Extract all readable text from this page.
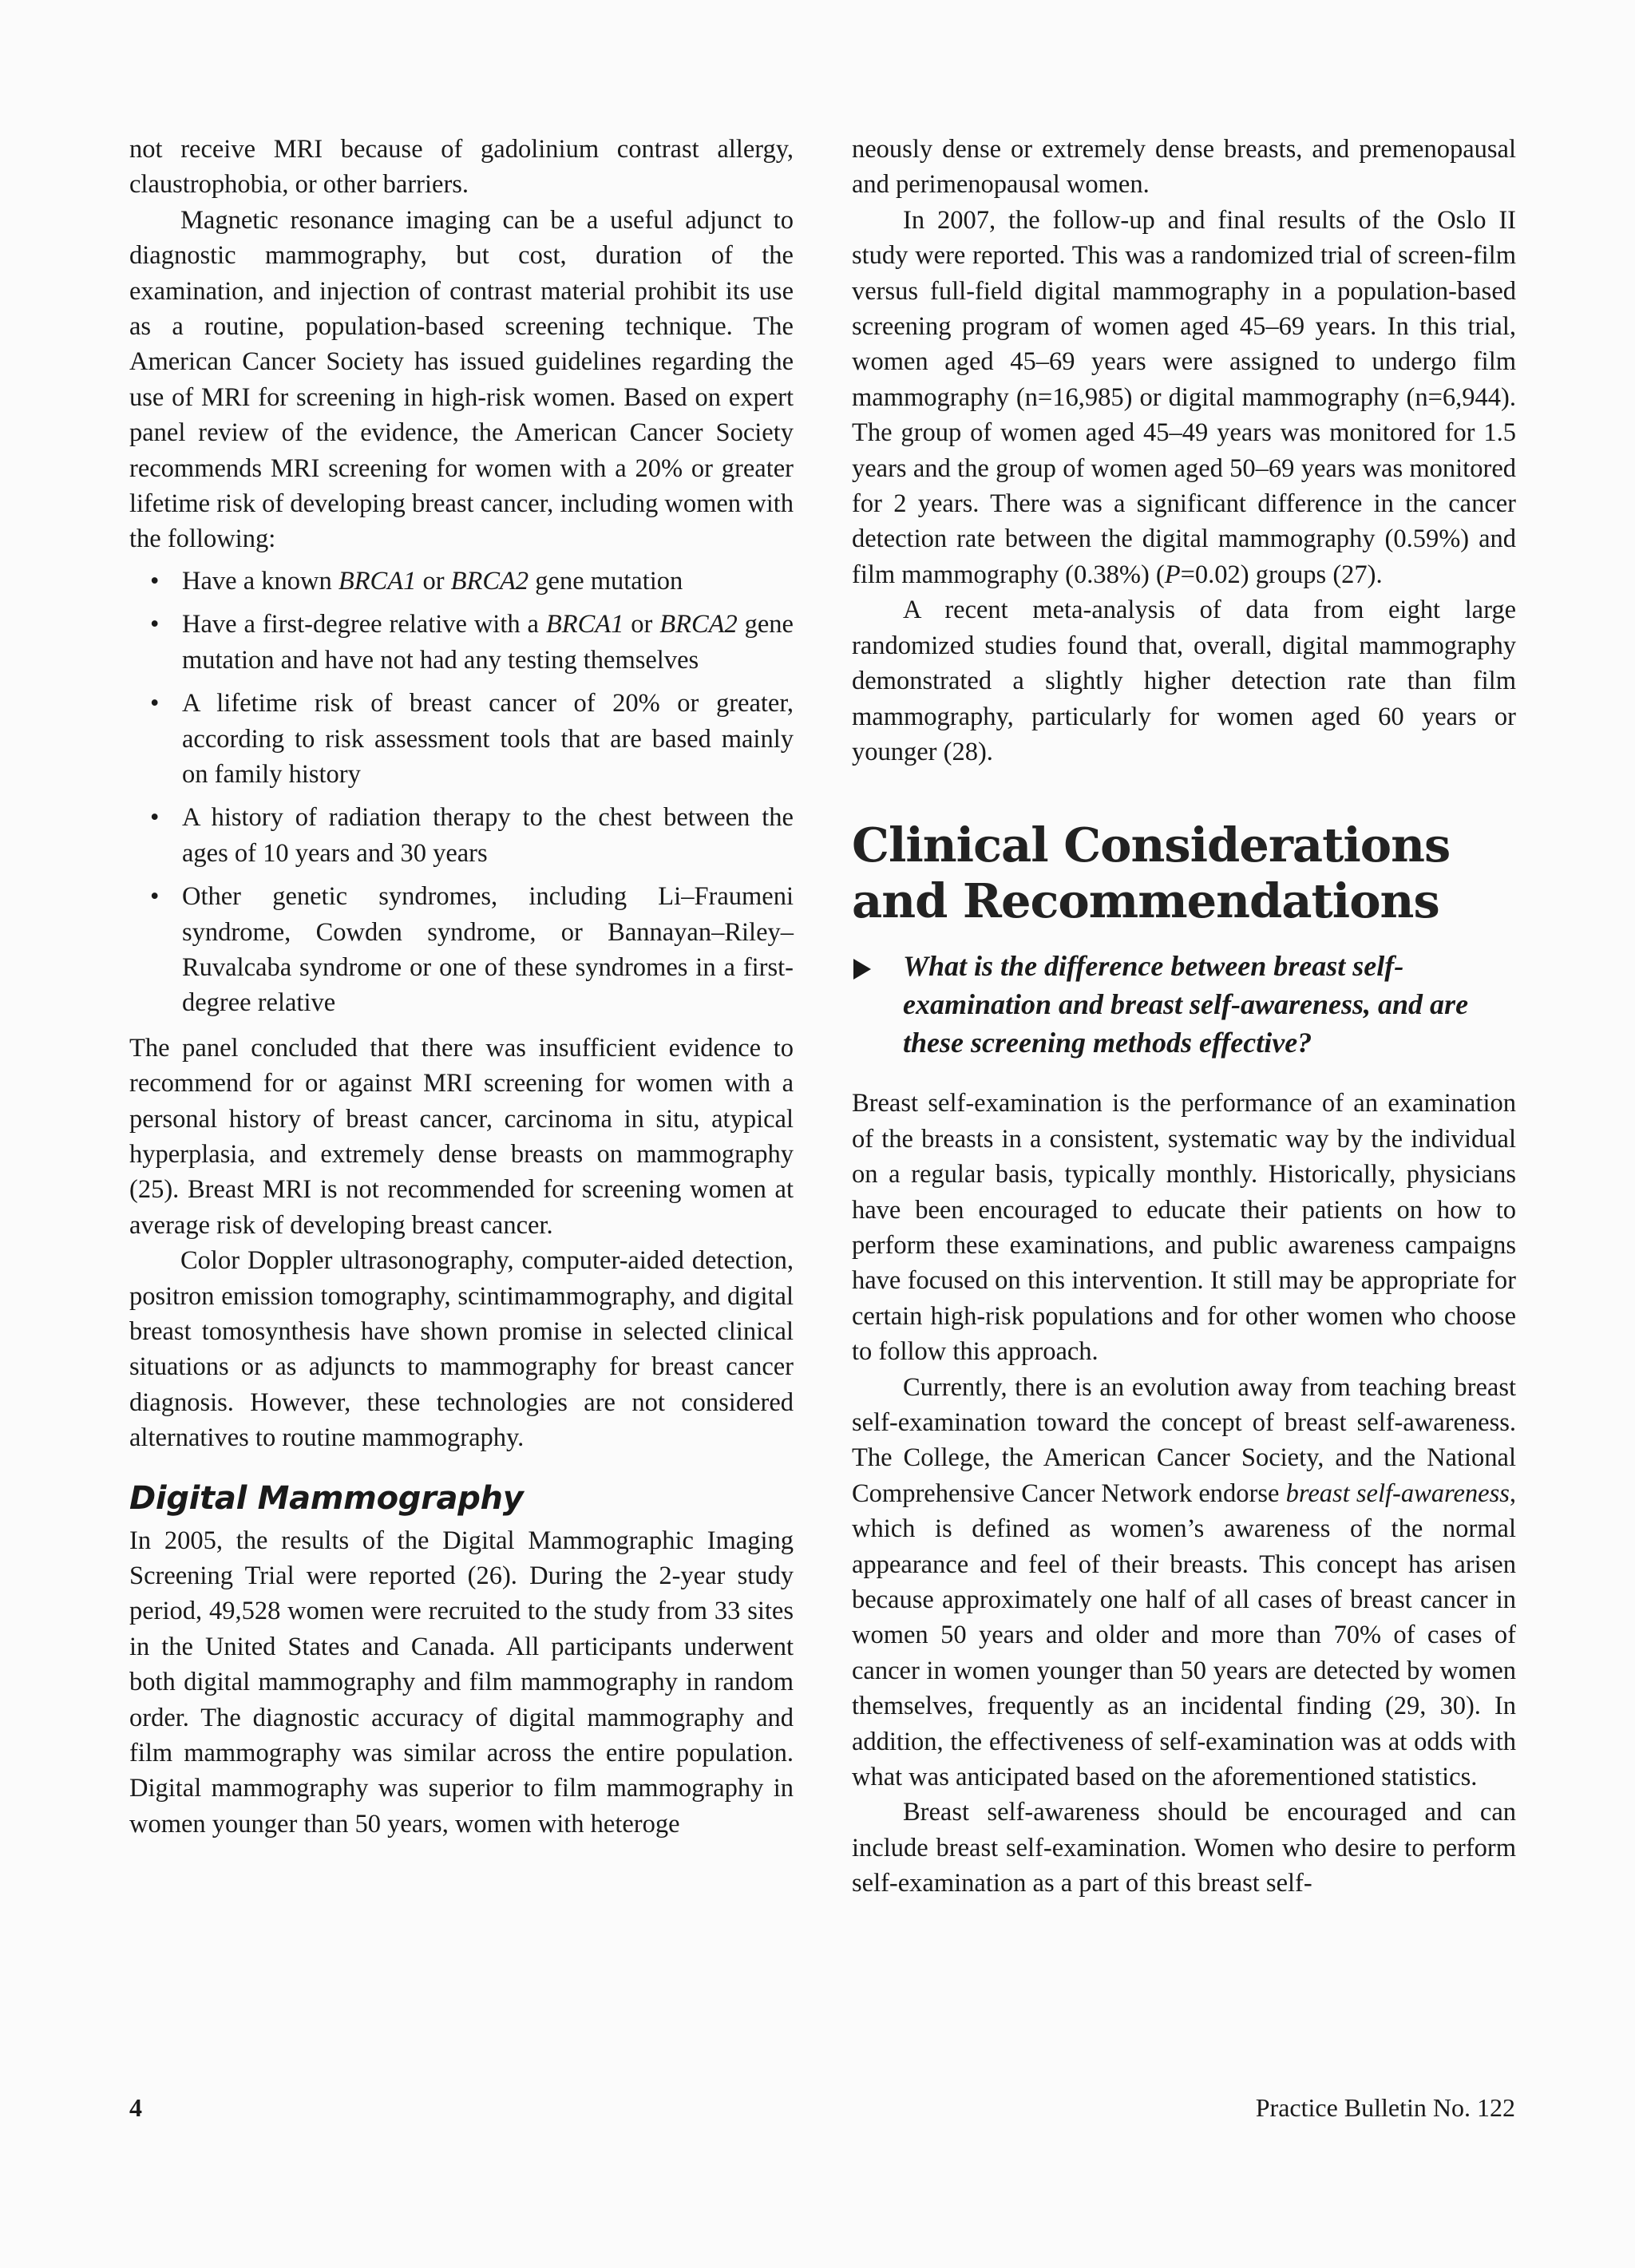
not receive MRI because of gadolinium contrast allergy, claustrophobia, or other barriers.

Magnetic resonance imaging can be a useful adjunct to diagnostic mammography, but cost, duration of the examination, and injection of contrast material prohibit its use as a routine, population-based screening technique. The American Cancer Society has issued guidelines regarding the use of MRI for screening in high-risk women. Based on expert panel review of the evidence, the American Cancer Society recommends MRI screening for women with a 20% or greater lifetime risk of developing breast cancer, including women with the following:

• Have a known BRCA1 or BRCA2 gene mutation
• Have a first-degree relative with a BRCA1 or BRCA2 gene mutation and have not had any testing themselves
• A lifetime risk of breast cancer of 20% or greater, according to risk assessment tools that are based mainly on family history
• A history of radiation therapy to the chest between the ages of 10 years and 30 years
• Other genetic syndromes, including Li–Fraumeni syndrome, Cowden syndrome, or Bannayan–Riley–Ruvalcaba syndrome or one of these syndromes in a first-degree relative

The panel concluded that there was insufficient evidence to recommend for or against MRI screening for women with a personal history of breast cancer, carcinoma in situ, atypical hyperplasia, and extremely dense breasts on mammography (25). Breast MRI is not recommended for screening women at average risk of developing breast cancer.

Color Doppler ultrasonography, computer-aided detection, positron emission tomography, scintimammography, and digital breast tomosynthesis have shown promise in selected clinical situations or as adjuncts to mammography for breast cancer diagnosis. However, these technologies are not considered alternatives to routine mammography.

Digital Mammography

In 2005, the results of the Digital Mammographic Imaging Screening Trial were reported (26). During the 2-year study period, 49,528 women were recruited to the study from 33 sites in the United States and Canada. All participants underwent both digital mammography and film mammography in random order. The diagnostic accuracy of digital mammography and film mammography was similar across the entire population. Digital mammography was superior to film mammography in women younger than 50 years, women with heteroge

neously dense or extremely dense breasts, and premenopausal and perimenopausal women.

In 2007, the follow-up and final results of the Oslo II study were reported. This was a randomized trial of screen-film versus full-field digital mammography in a population-based screening program of women aged 45–69 years. In this trial, women aged 45–69 years were assigned to undergo film mammography (n=16,985) or digital mammography (n=6,944). The group of women aged 45–49 years was monitored for 1.5 years and the group of women aged 50–69 years was monitored for 2 years. There was a significant difference in the cancer detection rate between the digital mammography (0.59%) and film mammography (0.38%) (P=0.02) groups (27).

A recent meta-analysis of data from eight large randomized studies found that, overall, digital mammography demonstrated a slightly higher detection rate than film mammography, particularly for women aged 60 years or younger (28).

Clinical Considerations and Recommendations
What is the difference between breast self-examination and breast self-awareness, and are these screening methods effective?

Breast self-examination is the performance of an examination of the breasts in a consistent, systematic way by the individual on a regular basis, typically monthly. Historically, physicians have been encouraged to educate their patients on how to perform these examinations, and public awareness campaigns have focused on this intervention. It still may be appropriate for certain high-risk populations and for other women who choose to follow this approach.

Currently, there is an evolution away from teaching breast self-examination toward the concept of breast self-awareness. The College, the American Cancer Society, and the National Comprehensive Cancer Network endorse breast self-awareness, which is defined as women’s awareness of the normal appearance and feel of their breasts. This concept has arisen because approximately one half of all cases of breast cancer in women 50 years and older and more than 70% of cases of cancer in women younger than 50 years are detected by women themselves, frequently as an incidental finding (29, 30). In addition, the effectiveness of self-examination was at odds with what was anticipated based on the aforementioned statistics.

Breast self-awareness should be encouraged and can include breast self-examination. Women who desire to perform self-examination as a part of this breast self-

4	Practice Bulletin No. 122
